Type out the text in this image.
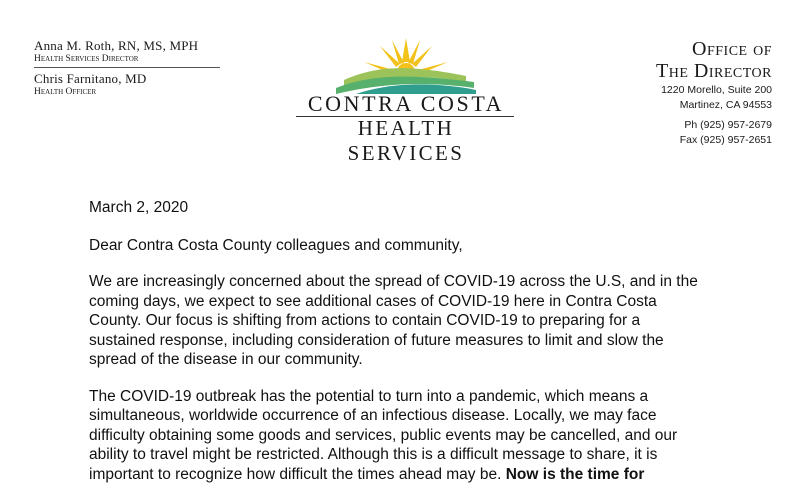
Anna M. Roth, RN, MS, MPH
Health Services Director
Chris Farnitano, MD
Health Officer	CONTRA COSTA
HEALTH SERVICES
Office of
The Director
1220 Morello, Suite 200
Martinez, CA 94553
Ph (925) 957-2679
Fax (925) 957-2651

March 2, 2020

Dear Contra Costa County colleagues and community,

We are increasingly concerned about the spread of COVID-19 across the U.S, and in the coming days, we expect to see additional cases of COVID-19 here in Contra Costa County. Our focus is shifting from actions to contain COVID-19 to preparing for a sustained response, including consideration of future measures to limit and slow the spread of the disease in our community.

The COVID-19 outbreak has the potential to turn into a pandemic, which means a simultaneous, worldwide occurrence of an infectious disease. Locally, we may face difficulty obtaining some goods and services, public events may be cancelled, and our ability to travel might be restricted. Although this is a difficult message to share, it is important to recognize how difficult the times ahead may be. Now is the time for
